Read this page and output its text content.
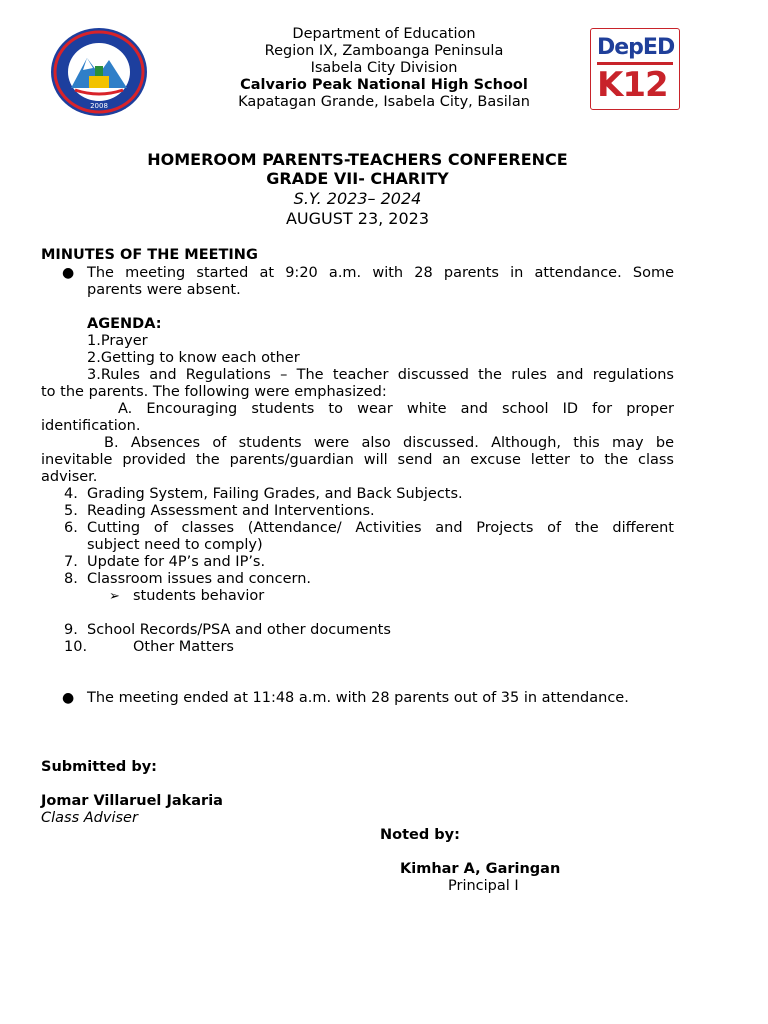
2008
DepED
K12
Department of Education
Region IX, Zamboanga Peninsula
Isabela City Division
Calvario Peak National High School
Kapatagan Grande, Isabela City, Basilan
HOMEROOM PARENTS-TEACHERS CONFERENCE
GRADE VII- CHARITY
S.Y. 2023– 2024
AUGUST 23, 2023
MINUTES OF THE MEETING
● The meeting started at 9:20 a.m. with 28 parents in attendance. Some
parents were absent.
AGENDA:
1.Prayer
2.Getting to know each other
3.Rules and Regulations – The teacher discussed the rules and regulations
to the parents. The following were emphasized:
A. Encouraging students to wear white and school ID for proper
identification.
B. Absences of students were also discussed. Although, this may be
inevitable provided the parents/guardian will send an excuse letter to the class
adviser.
4. Grading System, Failing Grades, and Back Subjects.
5. Reading Assessment and Interventions.
6. Cutting of classes (Attendance/ Activities and Projects of the different
subject need to comply)
7. Update for 4P’s and IP’s.
8. Classroom issues and concern.
➢ students behavior
9. School Records/PSA and other documents
10.	Other Matters
● The meeting ended at 11:48 a.m. with 28 parents out of 35 in attendance.
Submitted by:
Jomar Villaruel Jakaria
Class Adviser
Noted by:
Kimhar A, Garingan
Principal I
